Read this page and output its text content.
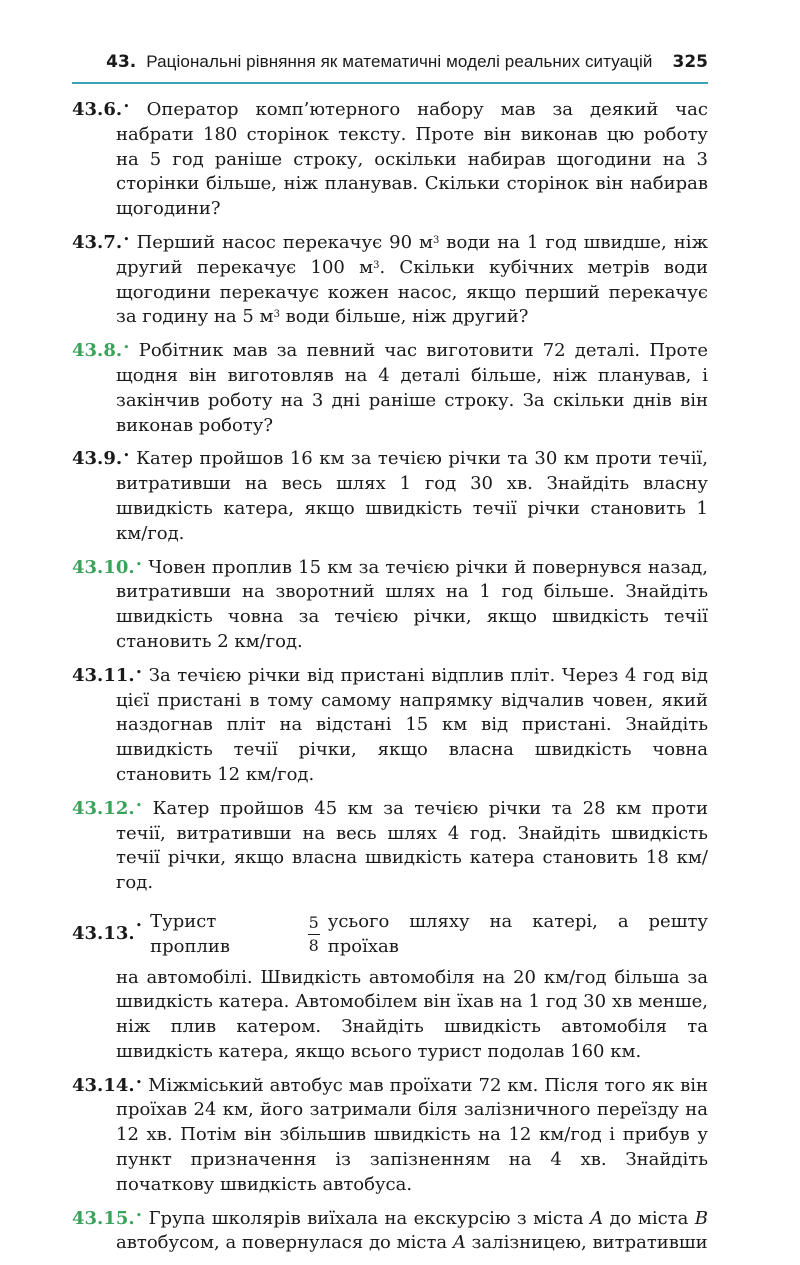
43. Раціональні рівняння як математичні моделі реальних ситуацій 325
43.6.• Оператор комп’ютерного набору мав за деякий час набрати 180 сторінок тексту. Проте він виконав цю роботу на 5 год раніше строку, оскільки набирав щогодини на 3 сторінки більше, ніж планував. Скільки сторінок він набирав щогодини?
43.7.• Перший насос перекачує 90 $м^3$ води на 1 год швидше, ніж другий перекачує 100 $м^3$. Скільки кубічних метрів води щогодини перекачує кожен насос, якщо перший перекачує за годину на 5 $м^3$ води більше, ніж другий?
43.8.• Робітник мав за певний час виготовити 72 деталі. Проте щодня він виготовляв на 4 деталі більше, ніж планував, і закінчив роботу на 3 дні раніше строку. За скільки днів він виконав роботу?
43.9.• Катер пройшов 16 км за течією річки та 30 км проти течії, витративши на весь шлях 1 год 30 хв. Знайдіть власну швидкість катера, якщо швидкість течії річки становить 1 км/год.
43.10.• Човен проплив 15 км за течією річки й повернувся назад, витративши на зворотний шлях на 1 год більше. Знайдіть швидкість човна за течією річки, якщо швидкість течії становить 2 км/год.
43.11.• За течією річки від пристані відплив пліт. Через 4 год від цієї пристані в тому самому напрямку відчалив човен, який наздогнав пліт на відстані 15 км від пристані. Знайдіть швидкість течії річки, якщо власна швидкість човна становить 12 км/год.
43.12.• Катер пройшов 45 км за течією річки та 28 км проти течії, витративши на весь шлях 4 год. Знайдіть швидкість течії річки, якщо власна швидкість катера становить 18 км/год.
43.13. • Турист проплив	$\frac{5}{8}$ усього шляху на катері, а решту проїхав
на автомобілі. Швидкість автомобіля на 20 км/год більша за швидкість катера. Автомобілем він їхав на 1 год 30 хв менше, ніж плив катером. Знайдіть швидкість автомобіля та швидкість катера, якщо всього турист подолав 160 км.
43.14.• Міжміський автобус мав проїхати 72 км. Після того як він проїхав 24 км, його затримали біля залізничного переїзду на 12 хв. Потім він збільшив швидкість на 12 км/год і прибув у пункт призначення із запізненням на 4 хв. Знайдіть початкову швидкість автобуса.
43.15.• Група школярів виїхала на екскурсію з міста A до міста B автобусом, а повернулася до міста A залізницею, витративши
